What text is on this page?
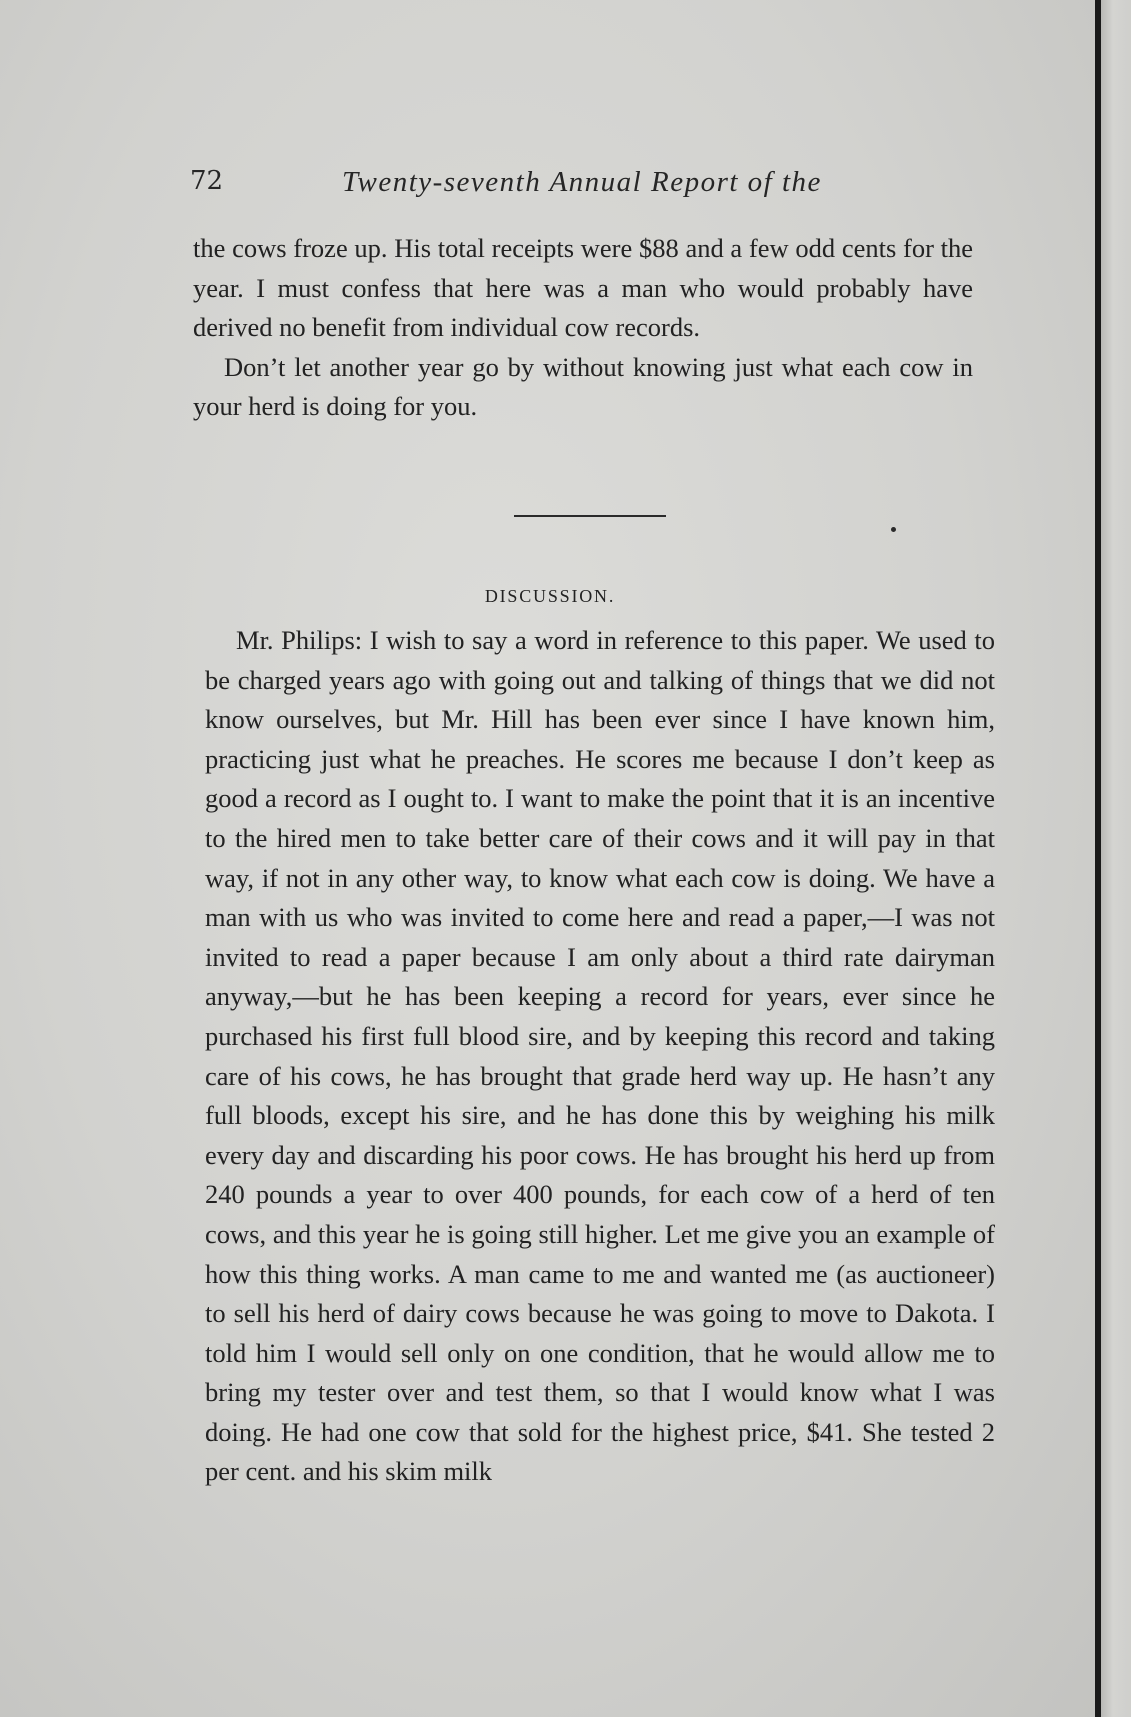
72	Twenty-seventh Annual Report of the

the cows froze up. His total receipts were $88 and a few odd cents for the year. I must confess that here was a man who would probably have derived no benefit from individual cow records.

Don’t let another year go by without knowing just what each cow in your herd is doing for you.

DISCUSSION.

Mr. Philips: I wish to say a word in reference to this paper. We used to be charged years ago with going out and talking of things that we did not know ourselves, but Mr. Hill has been ever since I have known him, practicing just what he preaches. He scores me because I don’t keep as good a record as I ought to. I want to make the point that it is an incentive to the hired men to take better care of their cows and it will pay in that way, if not in any other way, to know what each cow is doing. We have a man with us who was invited to come here and read a paper,—I was not invited to read a paper because I am only about a third rate dairyman anyway,—but he has been keeping a record for years, ever since he purchased his first full blood sire, and by keeping this record and taking care of his cows, he has brought that grade herd way up. He hasn’t any full bloods, except his sire, and he has done this by weighing his milk every day and discarding his poor cows. He has brought his herd up from 240 pounds a year to over 400 pounds, for each cow of a herd of ten cows, and this year he is going still higher. Let me give you an example of how this thing works. A man came to me and wanted me (as auctioneer) to sell his herd of dairy cows because he was going to move to Dakota. I told him I would sell only on one condition, that he would allow me to bring my tester over and test them, so that I would know what I was doing. He had one cow that sold for the highest price, $41. She tested 2 per cent. and his skim milk
